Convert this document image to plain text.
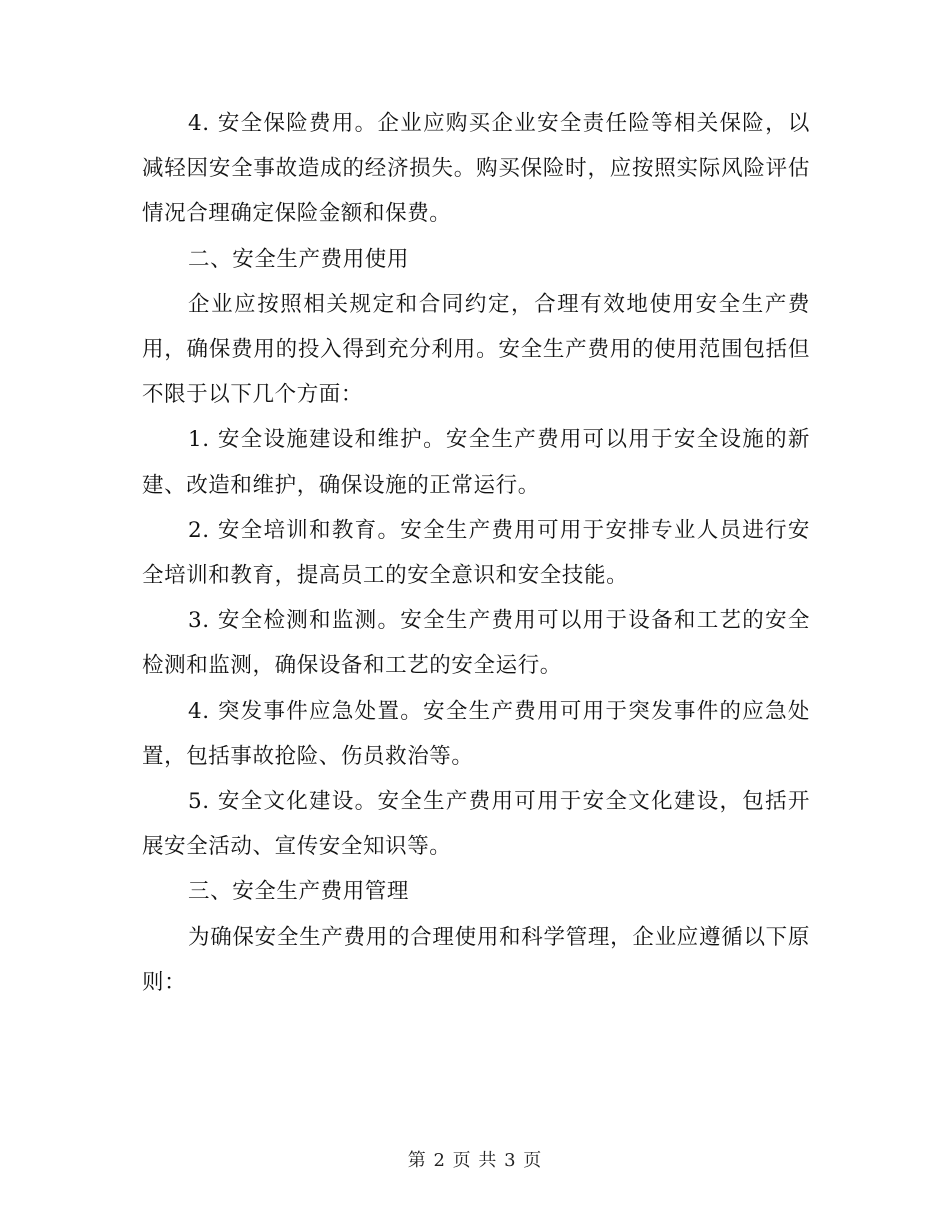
4. 安全保险费用。企业应购买企业安全责任险等相关保险，以减轻因安全事故造成的经济损失。购买保险时，应按照实际风险评估情况合理确定保险金额和保费。

二、安全生产费用使用

企业应按照相关规定和合同约定，合理有效地使用安全生产费用，确保费用的投入得到充分利用。安全生产费用的使用范围包括但不限于以下几个方面：

1. 安全设施建设和维护。安全生产费用可以用于安全设施的新建、改造和维护，确保设施的正常运行。

2. 安全培训和教育。安全生产费用可用于安排专业人员进行安全培训和教育，提高员工的安全意识和安全技能。

3. 安全检测和监测。安全生产费用可以用于设备和工艺的安全检测和监测，确保设备和工艺的安全运行。

4. 突发事件应急处置。安全生产费用可用于突发事件的应急处置，包括事故抢险、伤员救治等。

5. 安全文化建设。安全生产费用可用于安全文化建设，包括开展安全活动、宣传安全知识等。

三、安全生产费用管理

为确保安全生产费用的合理使用和科学管理，企业应遵循以下原则：

第 2 页 共 3 页
